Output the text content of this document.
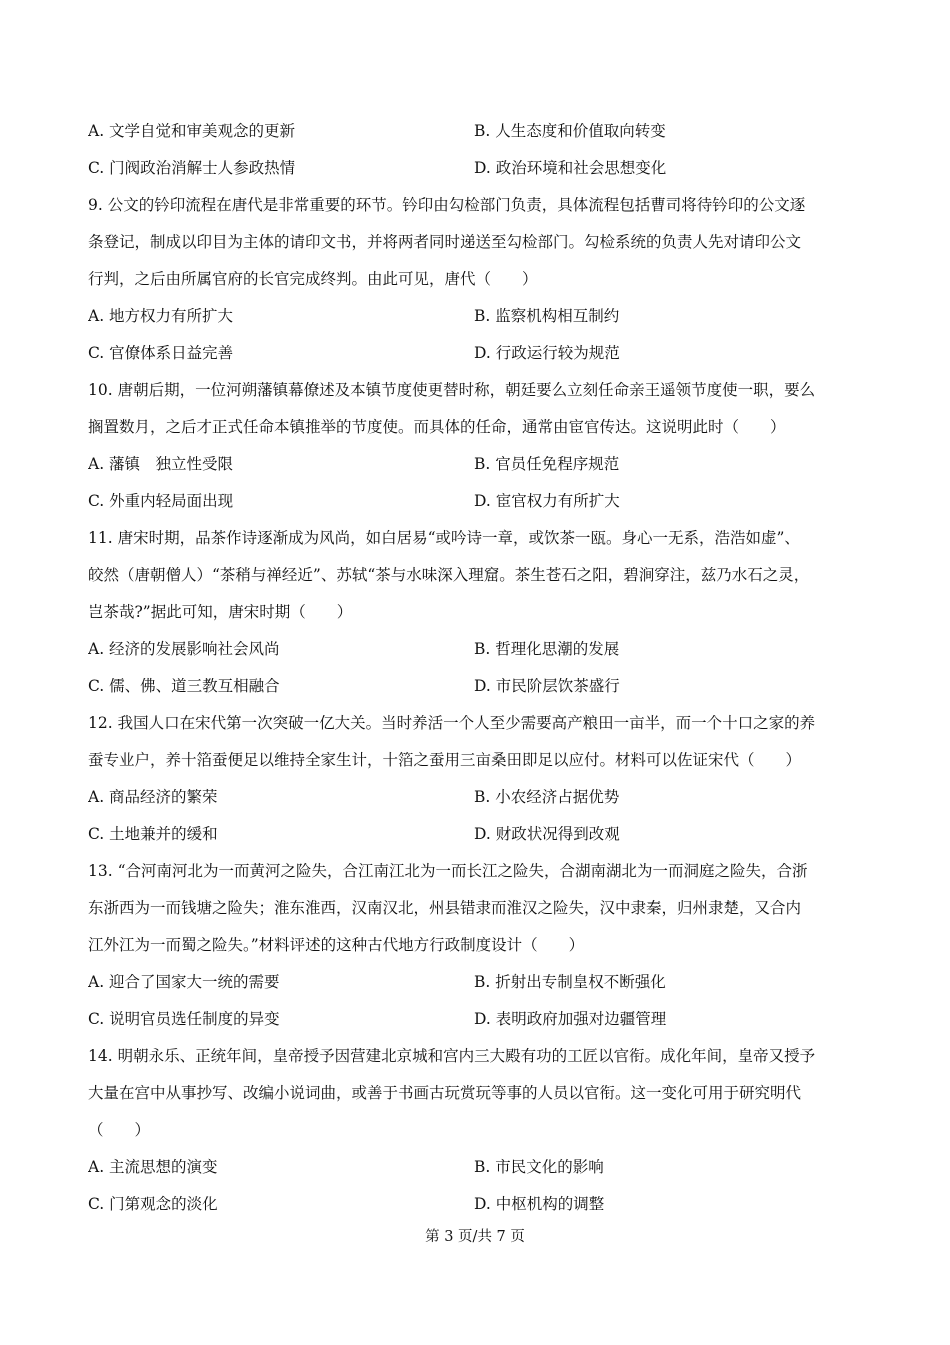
A. 文学自觉和审美观念的更新	B. 人生态度和价值取向转变
C. 门阀政治消解士人参政热情	D. 政治环境和社会思想变化
9. 公文的钤印流程在唐代是非常重要的环节。钤印由勾检部门负责，具体流程包括曹司将待钤印的公文逐
条登记，制成以印目为主体的请印文书，并将两者同时递送至勾检部门。勾检系统的负责人先对请印公文
行判，之后由所属官府的长官完成终判。由此可见，唐代（　　）
A. 地方权力有所扩大	B. 监察机构相互制约
C. 官僚体系日益完善	D. 行政运行较为规范
10. 唐朝后期，一位河朔藩镇幕僚述及本镇节度使更替时称，朝廷要么立刻任命亲王遥领节度使一职，要么
搁置数月，之后才正式任命本镇推举的节度使。而具体的任命，通常由宦官传达。这说明此时（　　）
A. 藩镇　独立性受限	B. 官员任免程序规范
C. 外重内轻局面出现	D. 宦官权力有所扩大
11. 唐宋时期，品茶作诗逐渐成为风尚，如白居易“或吟诗一章，或饮茶一瓯。身心一无系，浩浩如虚”、
皎然（唐朝僧人）“茶稍与禅经近”、苏轼“茶与水味深入理窟。茶生苍石之阳，碧涧穿注，兹乃水石之灵，
岂茶哉?”据此可知，唐宋时期（　　）
A. 经济的发展影响社会风尚	B. 哲理化思潮的发展
C. 儒、佛、道三教互相融合	D. 市民阶层饮茶盛行
12. 我国人口在宋代第一次突破一亿大关。当时养活一个人至少需要高产粮田一亩半，而一个十口之家的养
蚕专业户，养十箔蚕便足以维持全家生计，十箔之蚕用三亩桑田即足以应付。材料可以佐证宋代（　　）
A. 商品经济的繁荣	B. 小农经济占据优势
C. 土地兼并的缓和	D. 财政状况得到改观
13. “合河南河北为一而黄河之险失，合江南江北为一而长江之险失，合湖南湖北为一而洞庭之险失，合浙
东浙西为一而钱塘之险失；淮东淮西，汉南汉北，州县错隶而淮汉之险失，汉中隶秦，归州隶楚，又合内
江外江为一而蜀之险失。”材料评述的这种古代地方行政制度设计（　　）
A. 迎合了国家大一统的需要	B. 折射出专制皇权不断强化
C. 说明官员选任制度的异变	D. 表明政府加强对边疆管理
14. 明朝永乐、正统年间，皇帝授予因营建北京城和宫内三大殿有功的工匠以官衔。成化年间，皇帝又授予
大量在宫中从事抄写、改编小说词曲，或善于书画古玩赏玩等事的人员以官衔。这一变化可用于研究明代
（　　）
A. 主流思想的演变	B. 市民文化的影响
C. 门第观念的淡化	D. 中枢机构的调整
第 3 页/共 7 页
